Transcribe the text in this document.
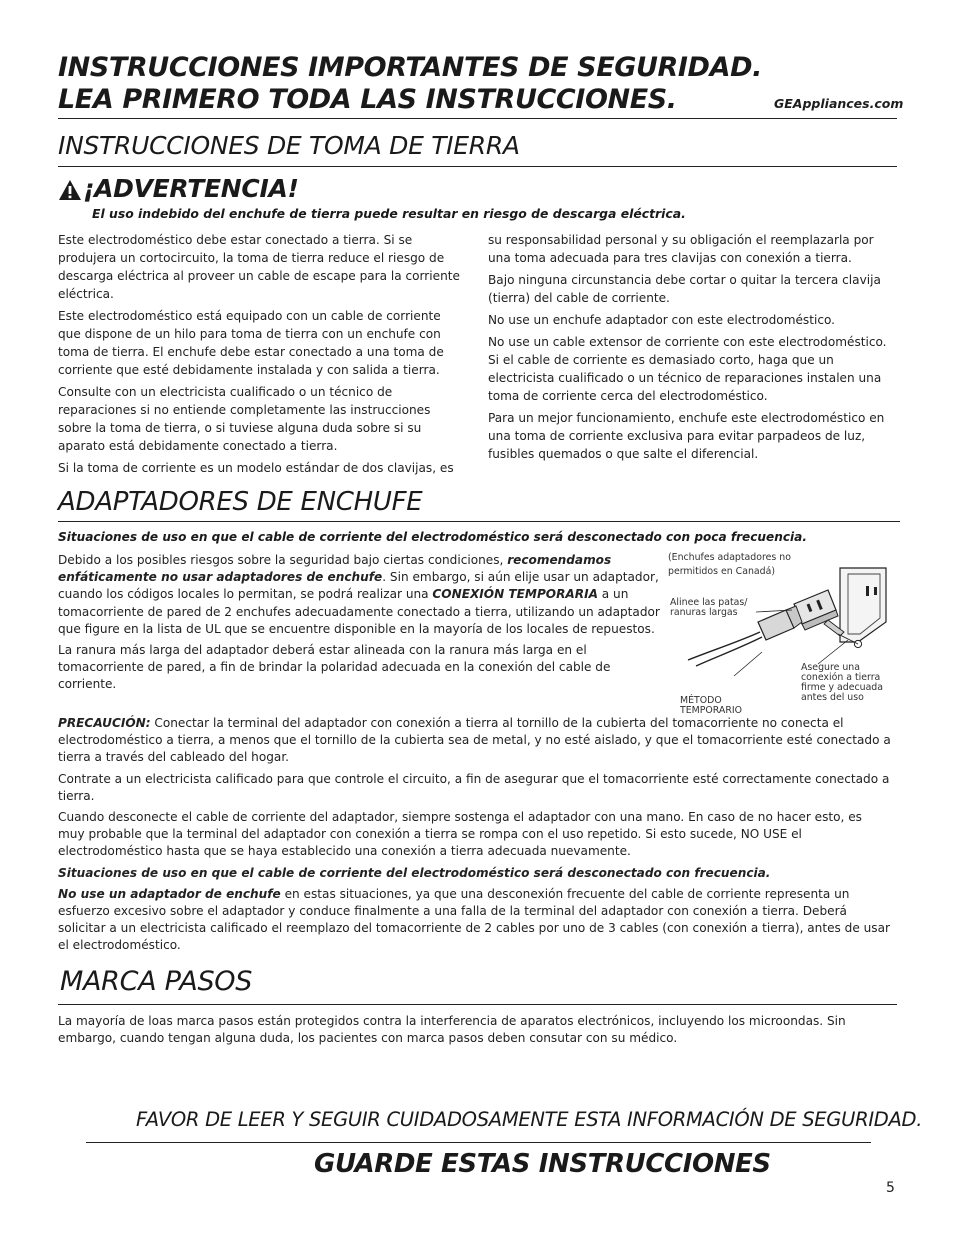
INSTRUCCIONES IMPORTANTES DE SEGURIDAD.
LEA PRIMERO TODA LAS INSTRUCCIONES.	GEAppliances.com
INSTRUCCIONES DE TOMA DE TIERRA
¡ADVERTENCIA!
El uso indebido del enchufe de tierra puede resultar en riesgo de descarga eléctrica.

Este electrodoméstico debe estar conectado a tierra. Si se produjera un cortocircuito, la toma de tierra reduce el riesgo de descarga eléctrica al proveer un cable de escape para la corriente eléctrica.

Este electrodoméstico está equipado con un cable de corriente que dispone de un hilo para toma de tierra con un enchufe con toma de tierra. El enchufe debe estar conectado a una toma de corriente que esté debidamente instalada y con salida a tierra.

Consulte con un electricista cualificado o un técnico de reparaciones si no entiende completamente las instrucciones sobre la toma de tierra, o si tuviese alguna duda sobre si su aparato está debidamente conectado a tierra.

Si la toma de corriente es un modelo estándar de dos clavijas, es

su responsabilidad personal y su obligación el reemplazarla por una toma adecuada para tres clavijas con conexión a tierra.

Bajo ninguna circunstancia debe cortar o quitar la tercera clavija (tierra) del cable de corriente.

No use un enchufe adaptador con este electrodoméstico.

No use un cable extensor de corriente con este electrodoméstico. Si el cable de corriente es demasiado corto, haga que un electricista cualificado o un técnico de reparaciones instalen una toma de corriente cerca del electrodoméstico.

Para un mejor funcionamiento, enchufe este electrodoméstico en una toma de corriente exclusiva para evitar parpadeos de luz, fusibles quemados o que salte el diferencial.

ADAPTADORES DE ENCHUFE
Situaciones de uso en que el cable de corriente del electrodoméstico será desconectado con poca frecuencia.

Debido a los posibles riesgos sobre la seguridad bajo ciertas condiciones, recomendamos enfáticamente no usar adaptadores de enchufe. Sin embargo, si aún elije usar un adaptador, cuando los códigos locales lo permitan, se podrá realizar una CONEXIÓN TEMPORARIA a un tomacorriente de pared de 2 enchufes adecuadamente conectado a tierra, utilizando un adaptador que figure en la lista de UL que se encuentre disponible en la mayoría de los locales de repuestos.

La ranura más larga del adaptador deberá estar alineada con la ranura más larga en el tomacorriente de pared, a fin de brindar la polaridad adecuada en la conexión del cable de corriente.

(Enchufes adaptadores no
permitidos en Canadá)
Alinee las patas/
ranuras largas
Asegure una
conexión a tierra
firme y adecuada
antes del uso
MÉTODO
TEMPORARIO

PRECAUCIÓN: Conectar la terminal del adaptador con conexión a tierra al tornillo de la cubierta del tomacorriente no conecta el electrodoméstico a tierra, a menos que el tornillo de la cubierta sea de metal, y no esté aislado, y que el tomacorriente esté conectado a tierra a través del cableado del hogar.

Contrate a un electricista calificado para que controle el circuito, a fin de asegurar que el tomacorriente esté correctamente conectado a tierra.

Cuando desconecte el cable de corriente del adaptador, siempre sostenga el adaptador con una mano. En caso de no hacer esto, es muy probable que la terminal del adaptador con conexión a tierra se rompa con el uso repetido. Si esto sucede, NO USE el electrodoméstico hasta que se haya establecido una conexión a tierra adecuada nuevamente.

Situaciones de uso en que el cable de corriente del electrodoméstico será desconectado con frecuencia.

No use un adaptador de enchufe en estas situaciones, ya que una desconexión frecuente del cable de corriente representa un esfuerzo excesivo sobre el adaptador y conduce finalmente a una falla de la terminal del adaptador con conexión a tierra. Deberá solicitar a un electricista calificado el reemplazo del tomacorriente de 2 cables por uno de 3 cables (con conexión a tierra), antes de usar el electrodoméstico.

MARCA PASOS
La mayoría de loas marca pasos están protegidos contra la interferencia de aparatos electrónicos, incluyendo los microondas. Sin embargo, cuando tengan alguna duda, los pacientes con marca pasos deben consutar con su médico.
FAVOR DE LEER Y SEGUIR CUIDADOSAMENTE ESTA INFORMACIÓN DE SEGURIDAD.
GUARDE ESTAS INSTRUCCIONES
5
